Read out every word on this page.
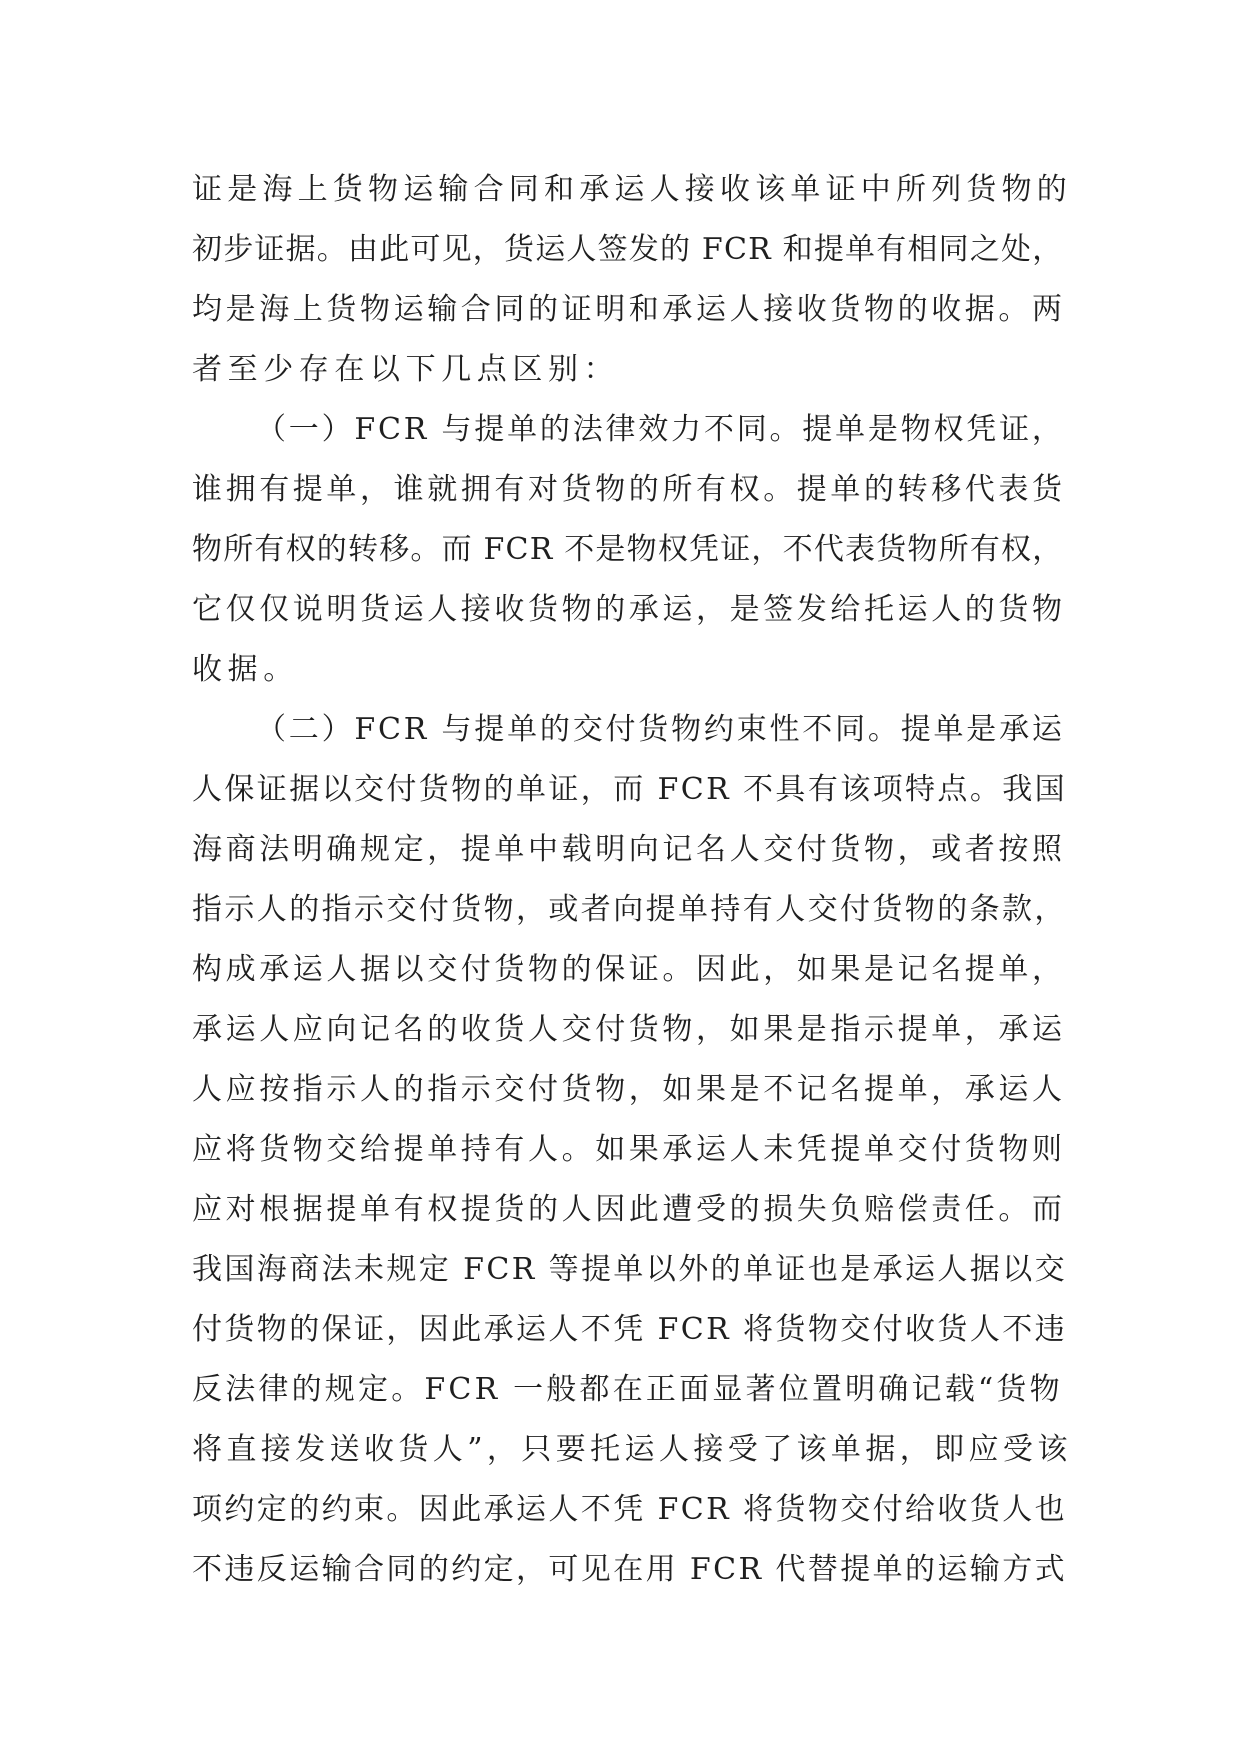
证是海上货物运输合同和承运人接收该单证中所列货物的
初步证据。由此可见，货运人签发的 FCR 和提单有相同之处，
均是海上货物运输合同的证明和承运人接收货物的收据。两
者至少存在以下几点区别：
（一）FCR 与提单的法律效力不同。提单是物权凭证，
谁拥有提单，谁就拥有对货物的所有权。提单的转移代表货
物所有权的转移。而 FCR 不是物权凭证，不代表货物所有权，
它仅仅说明货运人接收货物的承运，是签发给托运人的货物
收据。
（二）FCR 与提单的交付货物约束性不同。提单是承运
人保证据以交付货物的单证，而 FCR 不具有该项特点。我国
海商法明确规定，提单中载明向记名人交付货物，或者按照
指示人的指示交付货物，或者向提单持有人交付货物的条款，
构成承运人据以交付货物的保证。因此，如果是记名提单，
承运人应向记名的收货人交付货物，如果是指示提单，承运
人应按指示人的指示交付货物，如果是不记名提单，承运人
应将货物交给提单持有人。如果承运人未凭提单交付货物则
应对根据提单有权提货的人因此遭受的损失负赔偿责任。而
我国海商法未规定 FCR 等提单以外的单证也是承运人据以交
付货物的保证，因此承运人不凭 FCR 将货物交付收货人不违
反法律的规定。FCR 一般都在正面显著位置明确记载“货物
将直接发送收货人”，只要托运人接受了该单据，即应受该
项约定的约束。因此承运人不凭 FCR 将货物交付给收货人也
不违反运输合同的约定，可见在用 FCR 代替提单的运输方式
